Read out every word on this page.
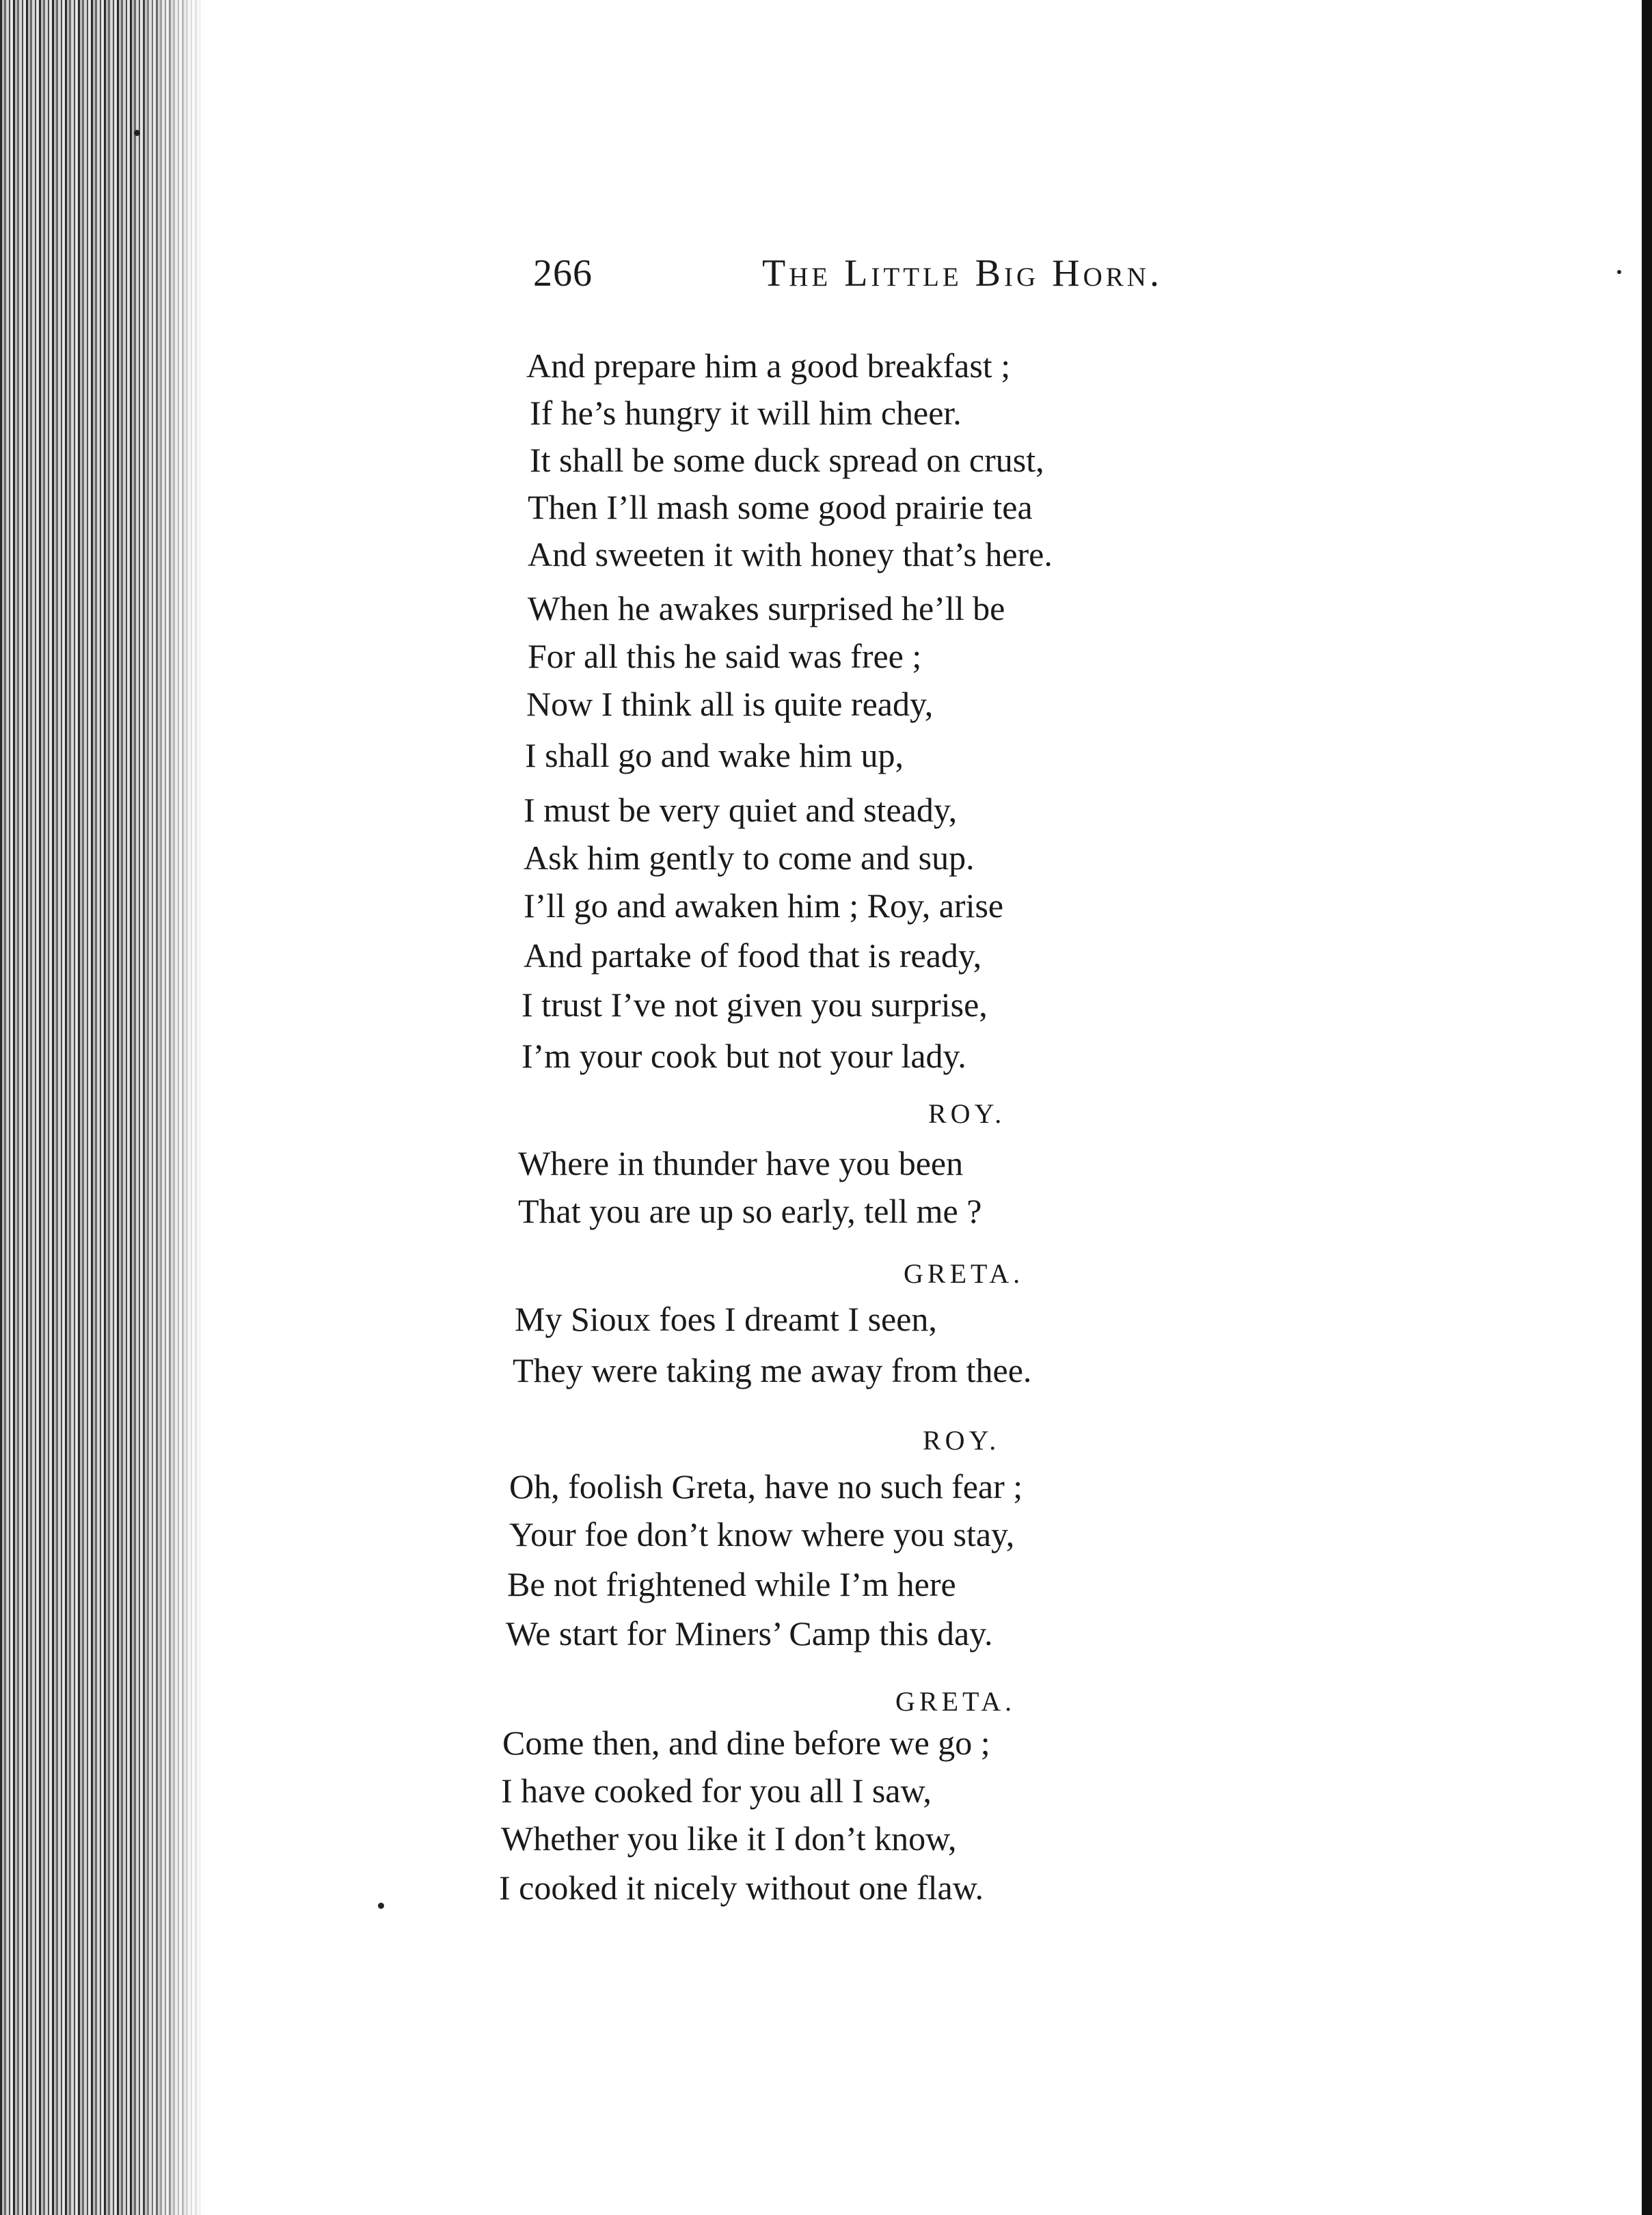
266	The Little Big Horn.
And prepare him a good breakfast ;
If he’s hungry it will him cheer.
It shall be some duck spread on crust,
Then I’ll mash some good prairie tea
And sweeten it with honey that’s here.
When he awakes surprised he’ll be
For all this he said was free ;
Now I think all is quite ready,
I shall go and wake him up,
I must be very quiet and steady,
Ask him gently to come and sup.
I’ll go and awaken him ; Roy, arise
And partake of food that is ready,
I trust I’ve not given you surprise,
I’m your cook but not your lady.
ROY.
Where in thunder have you been
That you are up so early, tell me ?
GRETA.
My Sioux foes I dreamt I seen,
They were taking me away from thee.
ROY.
Oh, foolish Greta, have no such fear ;
Your foe don’t know where you stay,
Be not frightened while I’m here
We start for Miners’ Camp this day.
GRETA.
Come then, and dine before we go ;
I have cooked for you all I saw,
Whether you like it I don’t know,
I cooked it nicely without one flaw.
